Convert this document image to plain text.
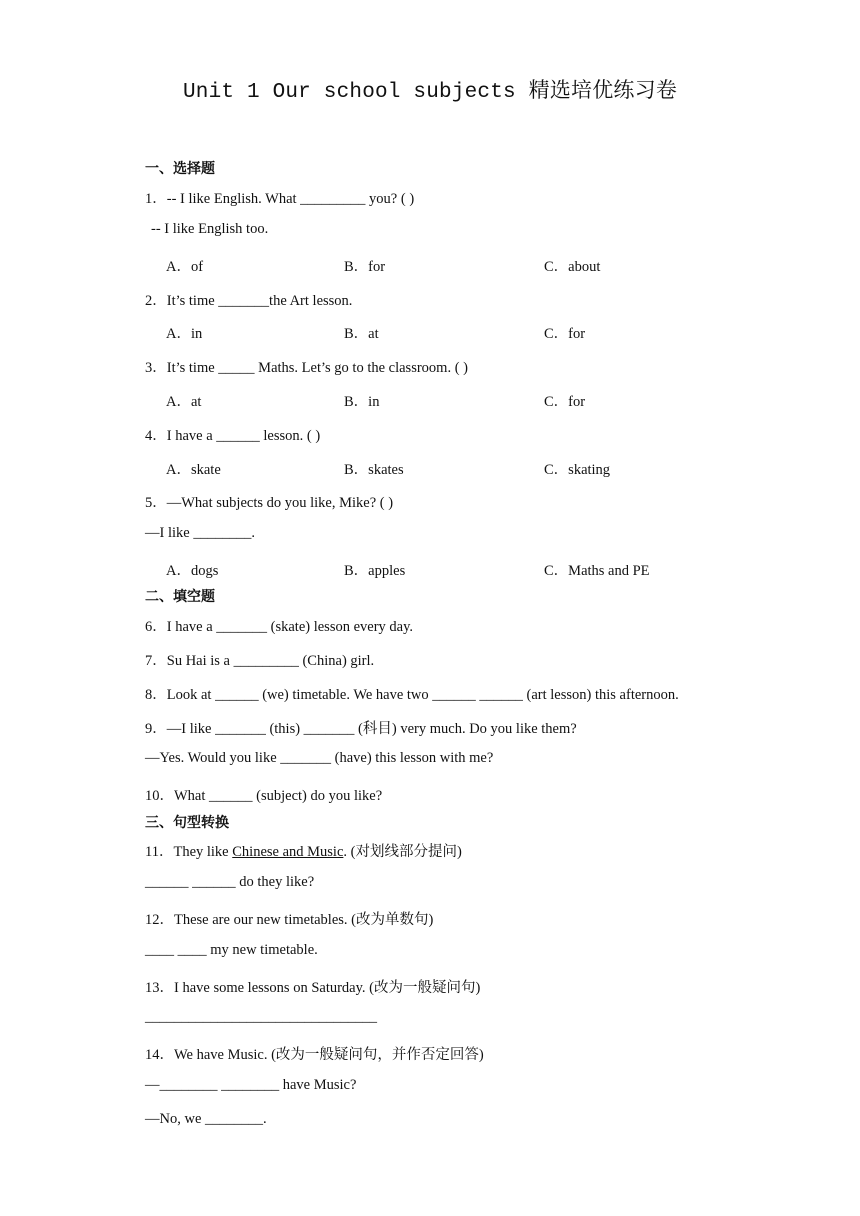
Unit 1 Our school subjects 精选培优练习卷
一、选择题
1．-- I like English. What _________ you? ( )
-- I like English too.
A．of	B．for	C．about
2．It’s time _______the Art lesson.
A．in	B．at	C．for
3．It’s time _____ Maths. Let’s go to the classroom. ( )
A．at	B．in	C．for
4．I have a ______ lesson. ( )
A．skate	B．skates	C．skating
5．—What subjects do you like, Mike? ( )
—I like ________.
A．dogs	B．apples	C．Maths and PE
二、填空题
6．I have a _______ (skate) lesson every day.
7．Su Hai is a _________ (China) girl.
8．Look at ______ (we) timetable. We have two ______ ______ (art lesson) this afternoon.
9．—I like _______ (this) _______ (科目) very much. Do you like them?
—Yes. Would you like _______ (have) this lesson with me?
10．What ______ (subject) do you like?
三、句型转换
11．They like Chinese and Music. (对划线部分提问)
______ ______ do they like?
12．These are our new timetables. (改为单数句)
____ ____ my new timetable.
13．I have some lessons on Saturday. (改为一般疑问句)
________________________________
14．We have Music. (改为一般疑问句，并作否定回答)
—________ ________ have Music?
—No, we ________.
